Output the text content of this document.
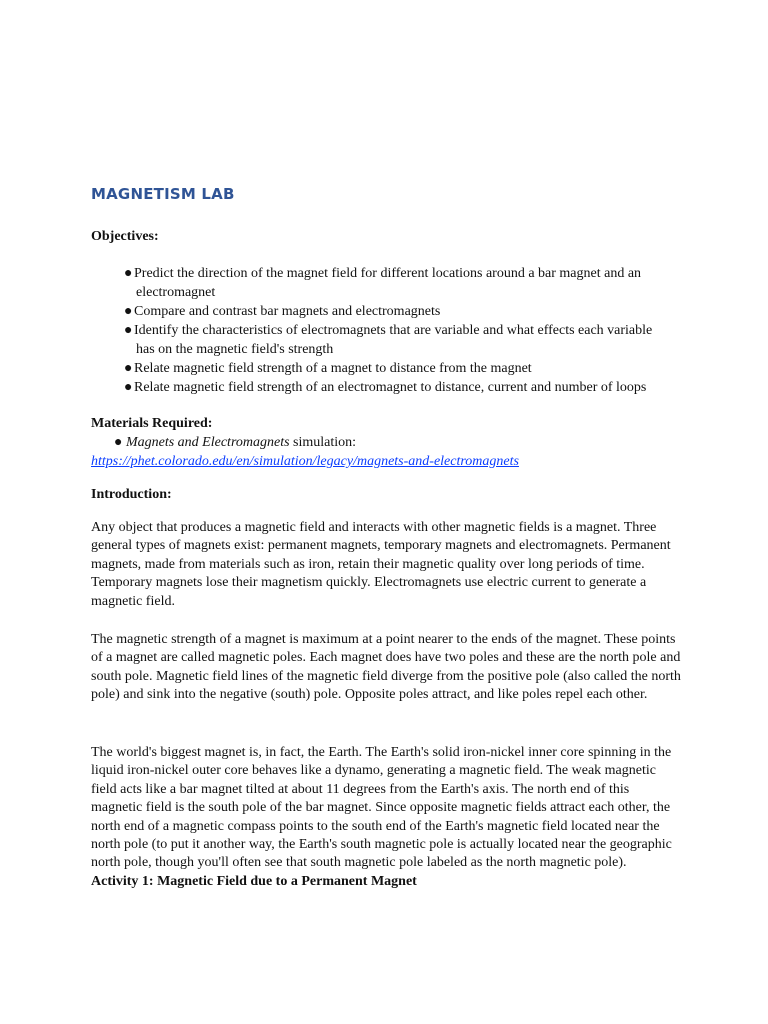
MAGNETISM LAB
Objectives:
● Predict the direction of the magnet field for different locations around a bar magnet and an electromagnet
● Compare and contrast bar magnets and electromagnets
● Identify the characteristics of electromagnets that are variable and what effects each variable has on the magnetic field's strength
● Relate magnetic field strength of a magnet to distance from the magnet
● Relate magnetic field strength of an electromagnet to distance, current and number of loops
Materials Required:

● Magnets and Electromagnets simulation:

https://phet.colorado.edu/en/simulation/legacy/magnets-and-electromagnets
Introduction:

Any object that produces a magnetic field and interacts with other magnetic fields is a magnet. Three general types of magnets exist: permanent magnets, temporary magnets and electromagnets. Permanent magnets, made from materials such as iron, retain their magnetic quality over long periods of time. Temporary magnets lose their magnetism quickly. Electromagnets use electric current to generate a magnetic field.

The magnetic strength of a magnet is maximum at a point nearer to the ends of the magnet. These points of a magnet are called magnetic poles. Each magnet does have two poles and these are the north pole and south pole. Magnetic field lines of the magnetic field diverge from the positive pole (also called the north pole) and sink into the negative (south) pole. Opposite poles attract, and like poles repel each other.

The world's biggest magnet is, in fact, the Earth. The Earth's solid iron-nickel inner core spinning in the liquid iron-nickel outer core behaves like a dynamo, generating a magnetic field. The weak magnetic field acts like a bar magnet tilted at about 11 degrees from the Earth's axis. The north end of this magnetic field is the south pole of the bar magnet. Since opposite magnetic fields attract each other, the north end of a magnetic compass points to the south end of the Earth's magnetic field located near the north pole (to put it another way, the Earth's south magnetic pole is actually located near the geographic north pole, though you'll often see that south magnetic pole labeled as the north magnetic pole).

Activity 1: Magnetic Field due to a Permanent Magnet
